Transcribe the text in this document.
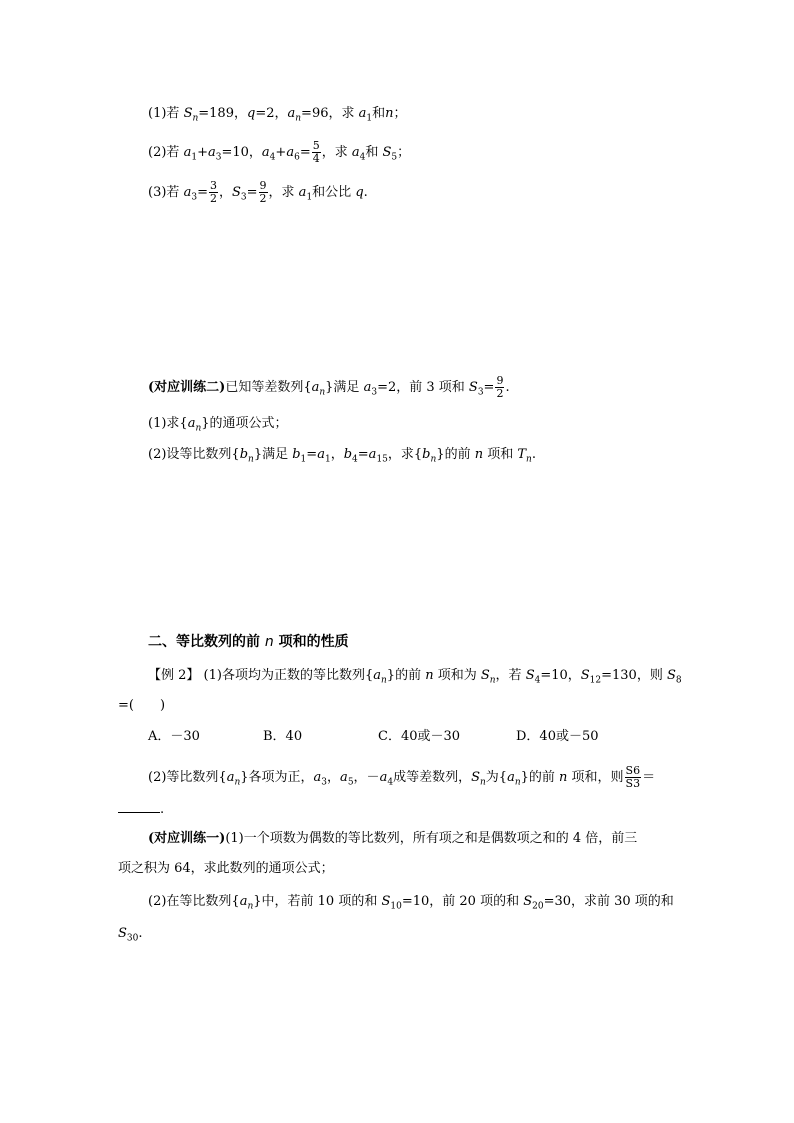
(1)若 $S_n=189$，q=2，$a_n=96$，求 $a_1$和n；
(2)若 $a_1+a_3=10$，$a_4+a_6= \frac{5}{4}$ ，求 $a_4$和 $S_5$；
(3)若 $a_3= \frac{3}{2}$ ，$S_3= \frac{9}{2}$ ，求 $a_1$和公比 q.
(对应训练二)已知等差数列$\{a_n\}$满足 $a_3=2$，前 3 项和 $S_3= \frac{9}{2}$ .
(1)求$\{a_n\}$的通项公式；
(2)设等比数列$\{b_n\}$满足 $b_1=a_1$，$b_4=a_{15}$，求$\{b_n\}$的前 n 项和 $T_n$.
二、等比数列的前 n 项和的性质
【例 2】 (1)各项均为正数的等比数列$\{a_n\}$的前 n 项和为 $S_n$，若 $S_4=10$，$S_{12}=130$，则 $S_8$
=(　　)
A．－30	B．40	C．40或－30	D．40或－50
(2)等比数列$\{a_n\}$各项为正，$a_3$，$a_5$，$-a_4$成等差数列，$S_n$为$\{a_n\}$的前 n 项和，则 $\frac{S6}{S3}$ ＝
.
(对应训练一)(1)一个项数为偶数的等比数列，所有项之和是偶数项之和的 4 倍，前三
项之积为 64，求此数列的通项公式；
(2)在等比数列$\{a_n\}$中，若前 10 项的和 $S_{10}=10$，前 20 项的和 $S_{20}=30$，求前 30 项的和
$S_{30}$.
